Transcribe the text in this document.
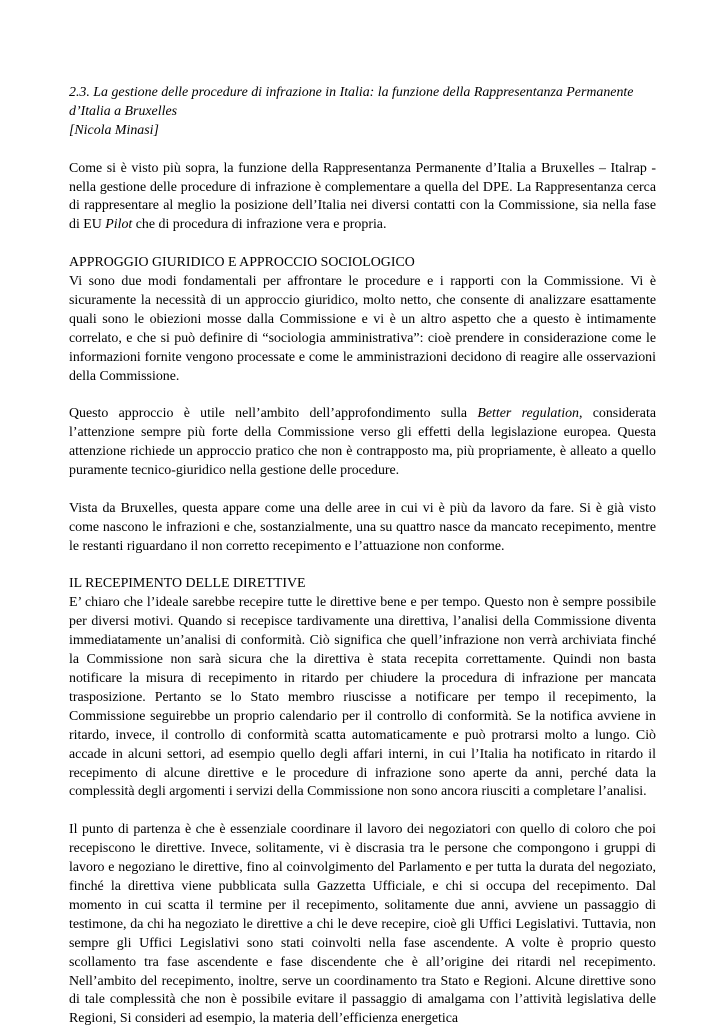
2.3. La gestione delle procedure di infrazione in Italia: la funzione della Rappresentanza Permanente d’Italia a Bruxelles
[Nicola Minasi]

Come si è visto più sopra, la funzione della Rappresentanza Permanente d’Italia a Bruxelles – Italrap - nella gestione delle procedure di infrazione è complementare a quella del DPE. La Rappresentanza cerca di rappresentare al meglio la posizione dell’Italia nei diversi contatti con la Commissione, sia nella fase di EU Pilot che di procedura di infrazione vera e propria.

APPROGGIO GIURIDICO E APPROCCIO SOCIOLOGICO

Vi sono due modi fondamentali per affrontare le procedure e i rapporti con la Commissione. Vi è sicuramente la necessità di un approccio giuridico, molto netto, che consente di analizzare esattamente quali sono le obiezioni mosse dalla Commissione e vi è un altro aspetto che a questo è intimamente correlato, e che si può definire di “sociologia amministrativa”: cioè prendere in considerazione come le informazioni fornite vengono processate e come le amministrazioni decidono di reagire alle osservazioni della Commissione.

Questo approccio è utile nell’ambito dell’approfondimento sulla Better regulation, considerata l’attenzione sempre più forte della Commissione verso gli effetti della legislazione europea. Questa attenzione richiede un approccio pratico che non è contrapposto ma, più propriamente, è alleato a quello puramente tecnico-giuridico nella gestione delle procedure.

Vista da Bruxelles, questa appare come una delle aree in cui vi è più da lavoro da fare. Si è già visto come nascono le infrazioni e che, sostanzialmente, una su quattro nasce da mancato recepimento, mentre le restanti riguardano il non corretto recepimento e l’attuazione non conforme.

IL RECEPIMENTO DELLE DIRETTIVE

E’ chiaro che l’ideale sarebbe recepire tutte le direttive bene e per tempo. Questo non è sempre possibile per diversi motivi. Quando si recepisce tardivamente una direttiva, l’analisi della Commissione diventa immediatamente un’analisi di conformità. Ciò significa che quell’infrazione non verrà archiviata finché la Commissione non sarà sicura che la direttiva è stata recepita correttamente. Quindi non basta notificare la misura di recepimento in ritardo per chiudere la procedura di infrazione per mancata trasposizione. Pertanto se lo Stato membro riuscisse a notificare per tempo il recepimento, la Commissione seguirebbe un proprio calendario per il controllo di conformità. Se la notifica avviene in ritardo, invece, il controllo di conformità scatta automaticamente e può protrarsi molto a lungo. Ciò accade in alcuni settori, ad esempio quello degli affari interni, in cui l’Italia ha notificato in ritardo il recepimento di alcune direttive e le procedure di infrazione sono aperte da anni, perché data la complessità degli argomenti i servizi della Commissione non sono ancora riusciti a completare l’analisi.

Il punto di partenza è che è essenziale coordinare il lavoro dei negoziatori con quello di coloro che poi recepiscono le direttive. Invece, solitamente, vi è discrasia tra le persone che compongono i gruppi di lavoro e negoziano le direttive, fino al coinvolgimento del Parlamento e per tutta la durata del negoziato, finché la direttiva viene pubblicata sulla Gazzetta Ufficiale, e chi si occupa del recepimento. Dal momento in cui scatta il termine per il recepimento, solitamente due anni, avviene un passaggio di testimone, da chi ha negoziato le direttive a chi le deve recepire, cioè gli Uffici Legislativi. Tuttavia, non sempre gli Uffici Legislativi sono stati coinvolti nella fase ascendente. A volte è proprio questo scollamento tra fase ascendente e fase discendente che è all’origine dei ritardi nel recepimento. Nell’ambito del recepimento, inoltre, serve un coordinamento tra Stato e Regioni. Alcune direttive sono di tale complessità che non è possibile evitare il passaggio di amalgama con l’attività legislativa delle Regioni, Si consideri ad esempio, la materia dell’efficienza energetica
